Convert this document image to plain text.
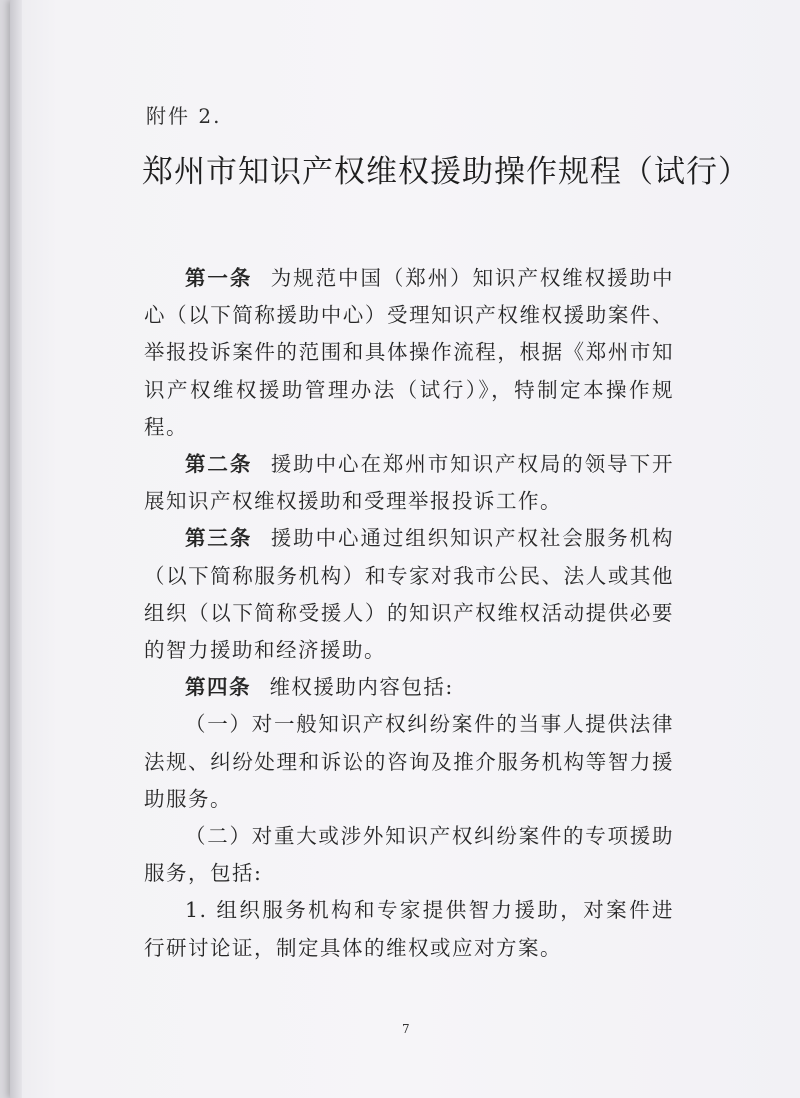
附件 2.
郑州市知识产权维权援助操作规程（试行）

第一条 为规范中国（郑州）知识产权维权援助中心（以下简称援助中心）受理知识产权维权援助案件、举报投诉案件的范围和具体操作流程，根据《郑州市知识产权维权援助管理办法（试行）》，特制定本操作规程。

第二条 援助中心在郑州市知识产权局的领导下开展知识产权维权援助和受理举报投诉工作。

第三条 援助中心通过组织知识产权社会服务机构（以下简称服务机构）和专家对我市公民、法人或其他组织（以下简称受援人）的知识产权维权活动提供必要的智力援助和经济援助。

第四条 维权援助内容包括:

（一）对一般知识产权纠纷案件的当事人提供法律法规、纠纷处理和诉讼的咨询及推介服务机构等智力援助服务。

（二）对重大或涉外知识产权纠纷案件的专项援助服务，包括:

1. 组织服务机构和专家提供智力援助，对案件进行研讨论证，制定具体的维权或应对方案。

7
